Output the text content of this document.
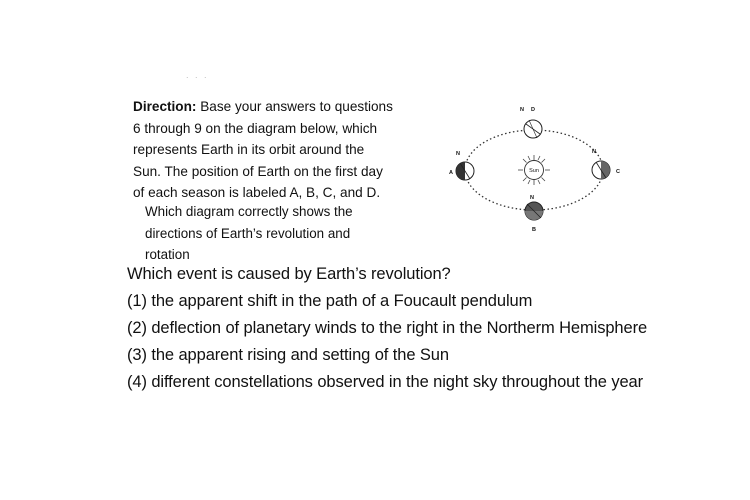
. . .
Direction: Base your answers to questions
6 through 9 on the diagram below, which
represents Earth in its orbit around the
Sun. The position of Earth on the first day
of each season is labeled A, B, C, and D.
Which diagram correctly shows the
directions of Earth’s revolution and
rotation
Sun
N D
N
A
N
C
N
B
Which event is caused by Earth’s revolution?
(1) the apparent shift in the path of a Foucault pendulum
(2) deflection of planetary winds to the right in the Northerm Hemisphere
(3) the apparent rising and setting of the Sun
(4) different constellations observed in the night sky throughout the year
